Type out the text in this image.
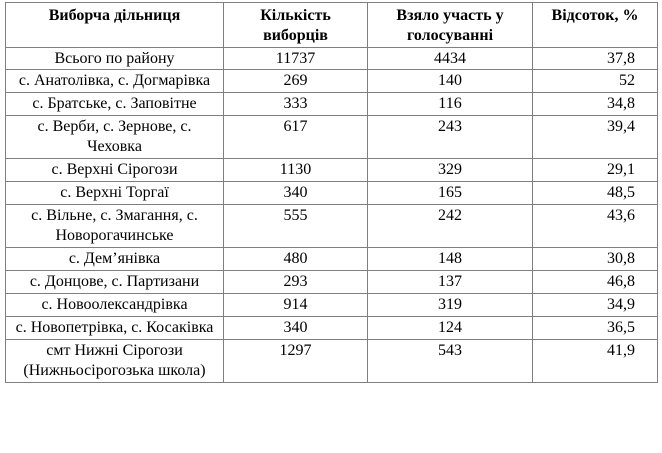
Виборча дільниця	Кількість виборців	Взяло участь у голосуванні	Відсоток, %
Всього по району	11737	4434	37,8
с. Анатолівка, с. Догмарівка	269	140	52
с. Братське, с. Заповітне	333	116	34,8
с. Верби, с. Зернове, с. Чеховка	617	243	39,4
с. Верхні Сірогози	1130	329	29,1
с. Верхні Торгаї	340	165	48,5
с. Вільне, с. Змагання, с. Новорогачинське	555	242	43,6
с. Дем’янівка	480	148	30,8
с. Донцове, с. Партизани	293	137	46,8
с. Новоолександрівка	914	319	34,9
с. Новопетрівка, с. Косаківка	340	124	36,5
смт Нижні Сірогози (Нижньосірогозька школа)	1297	543	41,9
